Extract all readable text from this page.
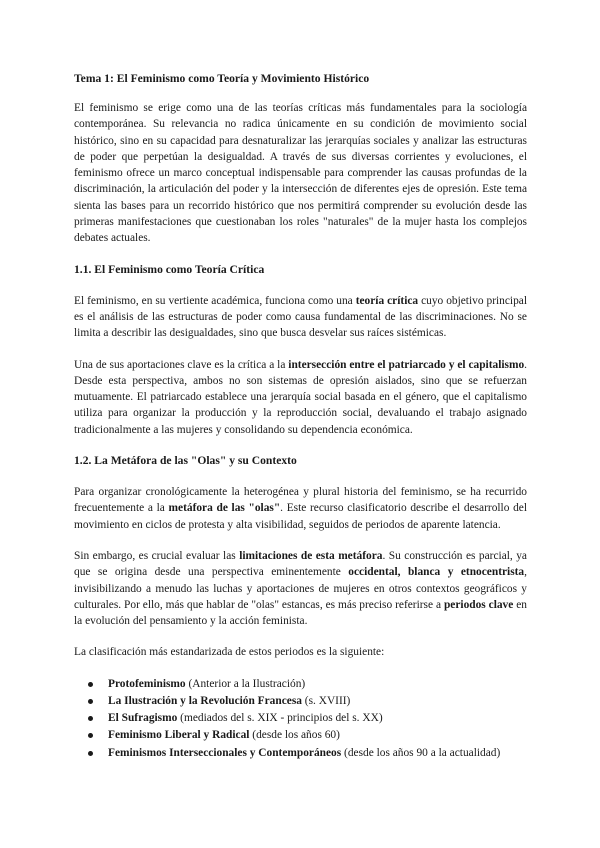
Tema 1: El Feminismo como Teoría y Movimiento Histórico

El feminismo se erige como una de las teorías críticas más fundamentales para la sociología contemporánea. Su relevancia no radica únicamente en su condición de movimiento social histórico, sino en su capacidad para desnaturalizar las jerarquías sociales y analizar las estructuras de poder que perpetúan la desigualdad. A través de sus diversas corrientes y evoluciones, el feminismo ofrece un marco conceptual indispensable para comprender las causas profundas de la discriminación, la articulación del poder y la intersección de diferentes ejes de opresión. Este tema sienta las bases para un recorrido histórico que nos permitirá comprender su evolución desde las primeras manifestaciones que cuestionaban los roles "naturales" de la mujer hasta los complejos debates actuales.

1.1. El Feminismo como Teoría Crítica

El feminismo, en su vertiente académica, funciona como una teoría crítica cuyo objetivo principal es el análisis de las estructuras de poder como causa fundamental de las discriminaciones. No se limita a describir las desigualdades, sino que busca desvelar sus raíces sistémicas.

Una de sus aportaciones clave es la crítica a la intersección entre el patriarcado y el capitalismo. Desde esta perspectiva, ambos no son sistemas de opresión aislados, sino que se refuerzan mutuamente. El patriarcado establece una jerarquía social basada en el género, que el capitalismo utiliza para organizar la producción y la reproducción social, devaluando el trabajo asignado tradicionalmente a las mujeres y consolidando su dependencia económica.

1.2. La Metáfora de las "Olas" y su Contexto

Para organizar cronológicamente la heterogénea y plural historia del feminismo, se ha recurrido frecuentemente a la metáfora de las "olas". Este recurso clasificatorio describe el desarrollo del movimiento en ciclos de protesta y alta visibilidad, seguidos de periodos de aparente latencia.

Sin embargo, es crucial evaluar las limitaciones de esta metáfora. Su construcción es parcial, ya que se origina desde una perspectiva eminentemente occidental, blanca y etnocentrista, invisibilizando a menudo las luchas y aportaciones de mujeres en otros contextos geográficos y culturales. Por ello, más que hablar de "olas" estancas, es más preciso referirse a periodos clave en la evolución del pensamiento y la acción feminista.

La clasificación más estandarizada de estos periodos es la siguiente:

Protofeminismo (Anterior a la Ilustración)
La Ilustración y la Revolución Francesa (s. XVIII)
El Sufragismo (mediados del s. XIX - principios del s. XX)
Feminismo Liberal y Radical (desde los años 60)
Feminismos Interseccionales y Contemporáneos (desde los años 90 a la actualidad)
